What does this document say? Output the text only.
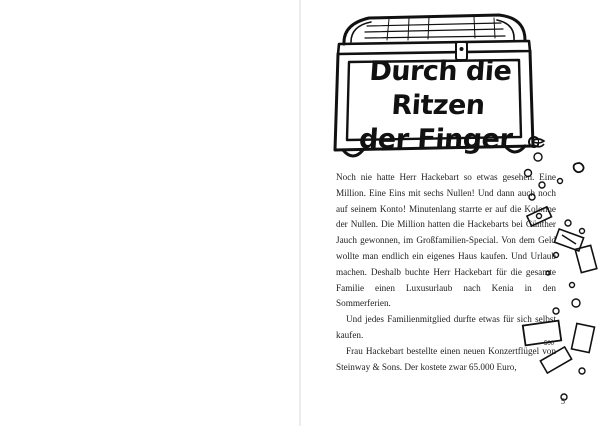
Durch die Ritzen
der Finger

Noch nie hatte Herr Hackebart so etwas gesehen. Eine Million. Eine Eins mit sechs Nullen! Und dann auch noch auf seinem Konto! Minutenlang starrte er auf die Kolonne der Nullen. Die Million hatten die Hackebarts bei Günther Jauch gewonnen, im Großfamilien-Special. Von dem Geld wollte man endlich ein eigenes Haus kaufen. Und Urlaub machen. Deshalb buchte Herr Hackebart für die gesamte Familie einen Luxusurlaub nach Kenia in den Sommerferien.

Und jedes Familienmitglied durfte etwas für sich selbst kaufen.

Frau Hackebart bestellte einen neuen Konzertflügel von Steinway & Sons. Der kostete zwar 65.000 Euro,

500
5
